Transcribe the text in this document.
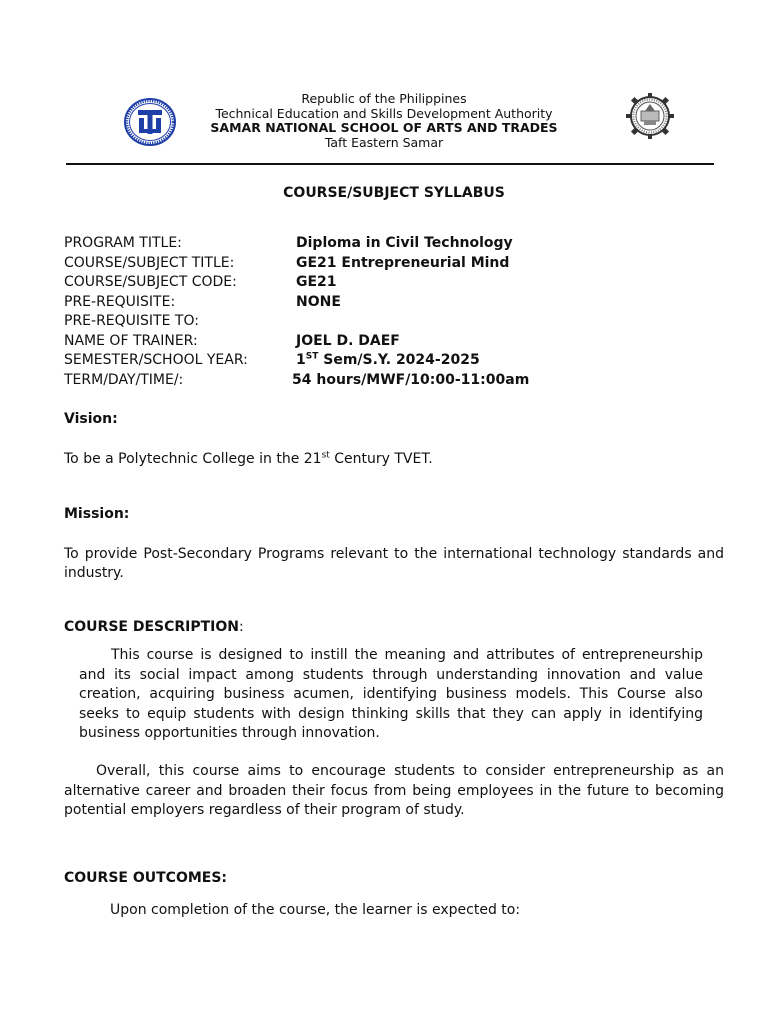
Republic of the Philippines
Technical Education and Skills Development Authority
SAMAR NATIONAL SCHOOL OF ARTS AND TRADES
Taft Eastern Samar
COURSE/SUBJECT SYLLABUS
PROGRAM TITLE:	Diploma in Civil Technology
COURSE/SUBJECT TITLE:	GE21 Entrepreneurial Mind
COURSE/SUBJECT CODE:	GE21
PRE-REQUISITE:	NONE
PRE-REQUISITE TO:
NAME OF TRAINER:	JOEL D. DAEF
SEMESTER/SCHOOL YEAR:	1ST Sem/S.Y. 2024-2025
TERM/DAY/TIME/:	54 hours/MWF/10:00-11:00am
Vision:
To be a Polytechnic College in the 21st Century TVET.
Mission:
To provide Post-Secondary Programs relevant to the international technology standards and industry.
COURSE DESCRIPTION:
This course is designed to instill the meaning and attributes of entrepreneurship and its social impact among students through understanding innovation and value creation, acquiring business acumen, identifying business models. This Course also seeks to equip students with design thinking skills that they can apply in identifying business opportunities through innovation.
Overall, this course aims to encourage students to consider entrepreneurship as an alternative career and broaden their focus from being employees in the future to becoming potential employers regardless of their program of study.
COURSE OUTCOMES:
Upon completion of the course, the learner is expected to:
